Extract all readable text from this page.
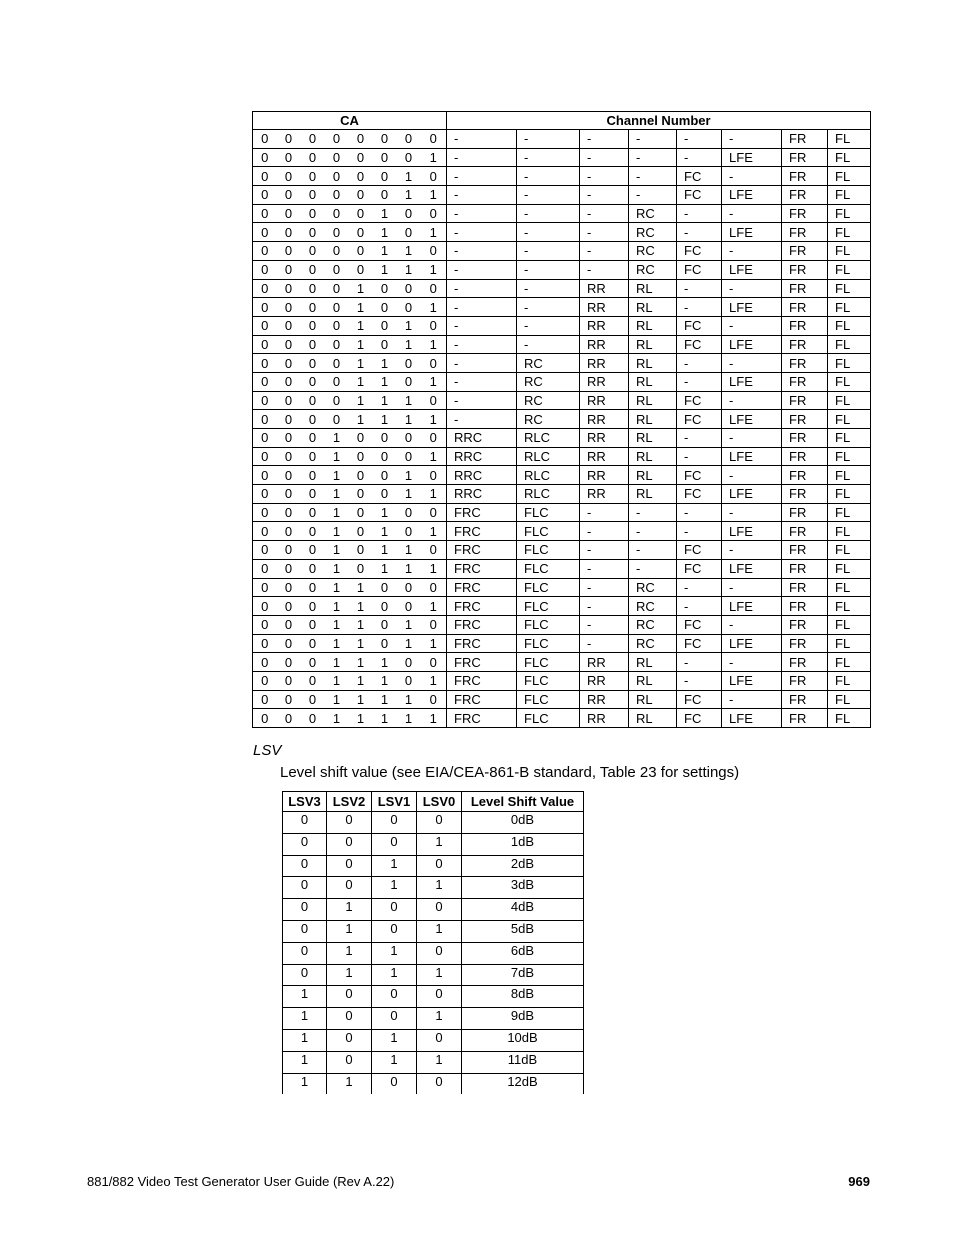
CA								Channel Number							
0	0	0	0	0	0	0	0	-	-	-	-	-	-	FR	FL
0	0	0	0	0	0	0	1	-	-	-	-	-	LFE	FR	FL
0	0	0	0	0	0	1	0	-	-	-	-	FC	-	FR	FL
0	0	0	0	0	0	1	1	-	-	-	-	FC	LFE	FR	FL
0	0	0	0	0	1	0	0	-	-	-	RC	-	-	FR	FL
0	0	0	0	0	1	0	1	-	-	-	RC	-	LFE	FR	FL
0	0	0	0	0	1	1	0	-	-	-	RC	FC	-	FR	FL
0	0	0	0	0	1	1	1	-	-	-	RC	FC	LFE	FR	FL
0	0	0	0	1	0	0	0	-	-	RR	RL	-	-	FR	FL
0	0	0	0	1	0	0	1	-	-	RR	RL	-	LFE	FR	FL
0	0	0	0	1	0	1	0	-	-	RR	RL	FC	-	FR	FL
0	0	0	0	1	0	1	1	-	-	RR	RL	FC	LFE	FR	FL
0	0	0	0	1	1	0	0	-	RC	RR	RL	-	-	FR	FL
0	0	0	0	1	1	0	1	-	RC	RR	RL	-	LFE	FR	FL
0	0	0	0	1	1	1	0	-	RC	RR	RL	FC	-	FR	FL
0	0	0	0	1	1	1	1	-	RC	RR	RL	FC	LFE	FR	FL
0	0	0	1	0	0	0	0	RRC	RLC	RR	RL	-	-	FR	FL
0	0	0	1	0	0	0	1	RRC	RLC	RR	RL	-	LFE	FR	FL
0	0	0	1	0	0	1	0	RRC	RLC	RR	RL	FC	-	FR	FL
0	0	0	1	0	0	1	1	RRC	RLC	RR	RL	FC	LFE	FR	FL
0	0	0	1	0	1	0	0	FRC	FLC	-	-	-	-	FR	FL
0	0	0	1	0	1	0	1	FRC	FLC	-	-	-	LFE	FR	FL
0	0	0	1	0	1	1	0	FRC	FLC	-	-	FC	-	FR	FL
0	0	0	1	0	1	1	1	FRC	FLC	-	-	FC	LFE	FR	FL
0	0	0	1	1	0	0	0	FRC	FLC	-	RC	-	-	FR	FL
0	0	0	1	1	0	0	1	FRC	FLC	-	RC	-	LFE	FR	FL
0	0	0	1	1	0	1	0	FRC	FLC	-	RC	FC	-	FR	FL
0	0	0	1	1	0	1	1	FRC	FLC	-	RC	FC	LFE	FR	FL
0	0	0	1	1	1	0	0	FRC	FLC	RR	RL	-	-	FR	FL
0	0	0	1	1	1	0	1	FRC	FLC	RR	RL	-	LFE	FR	FL
0	0	0	1	1	1	1	0	FRC	FLC	RR	RL	FC	-	FR	FL
0	0	0	1	1	1	1	1	FRC	FLC	RR	RL	FC	LFE	FR	FL
LSV
Level shift value (see EIA/CEA-861-B standard, Table 23 for settings)
LSV3	LSV2	LSV1	LSV0	Level Shift Value
0	0	0	0	0dB
0	0	0	1	1dB
0	0	1	0	2dB
0	0	1	1	3dB
0	1	0	0	4dB
0	1	0	1	5dB
0	1	1	0	6dB
0	1	1	1	7dB
1	0	0	0	8dB
1	0	0	1	9dB
1	0	1	0	10dB
1	0	1	1	11dB
1	1	0	0	12dB
881/882 Video Test Generator User Guide (Rev A.22)	969
